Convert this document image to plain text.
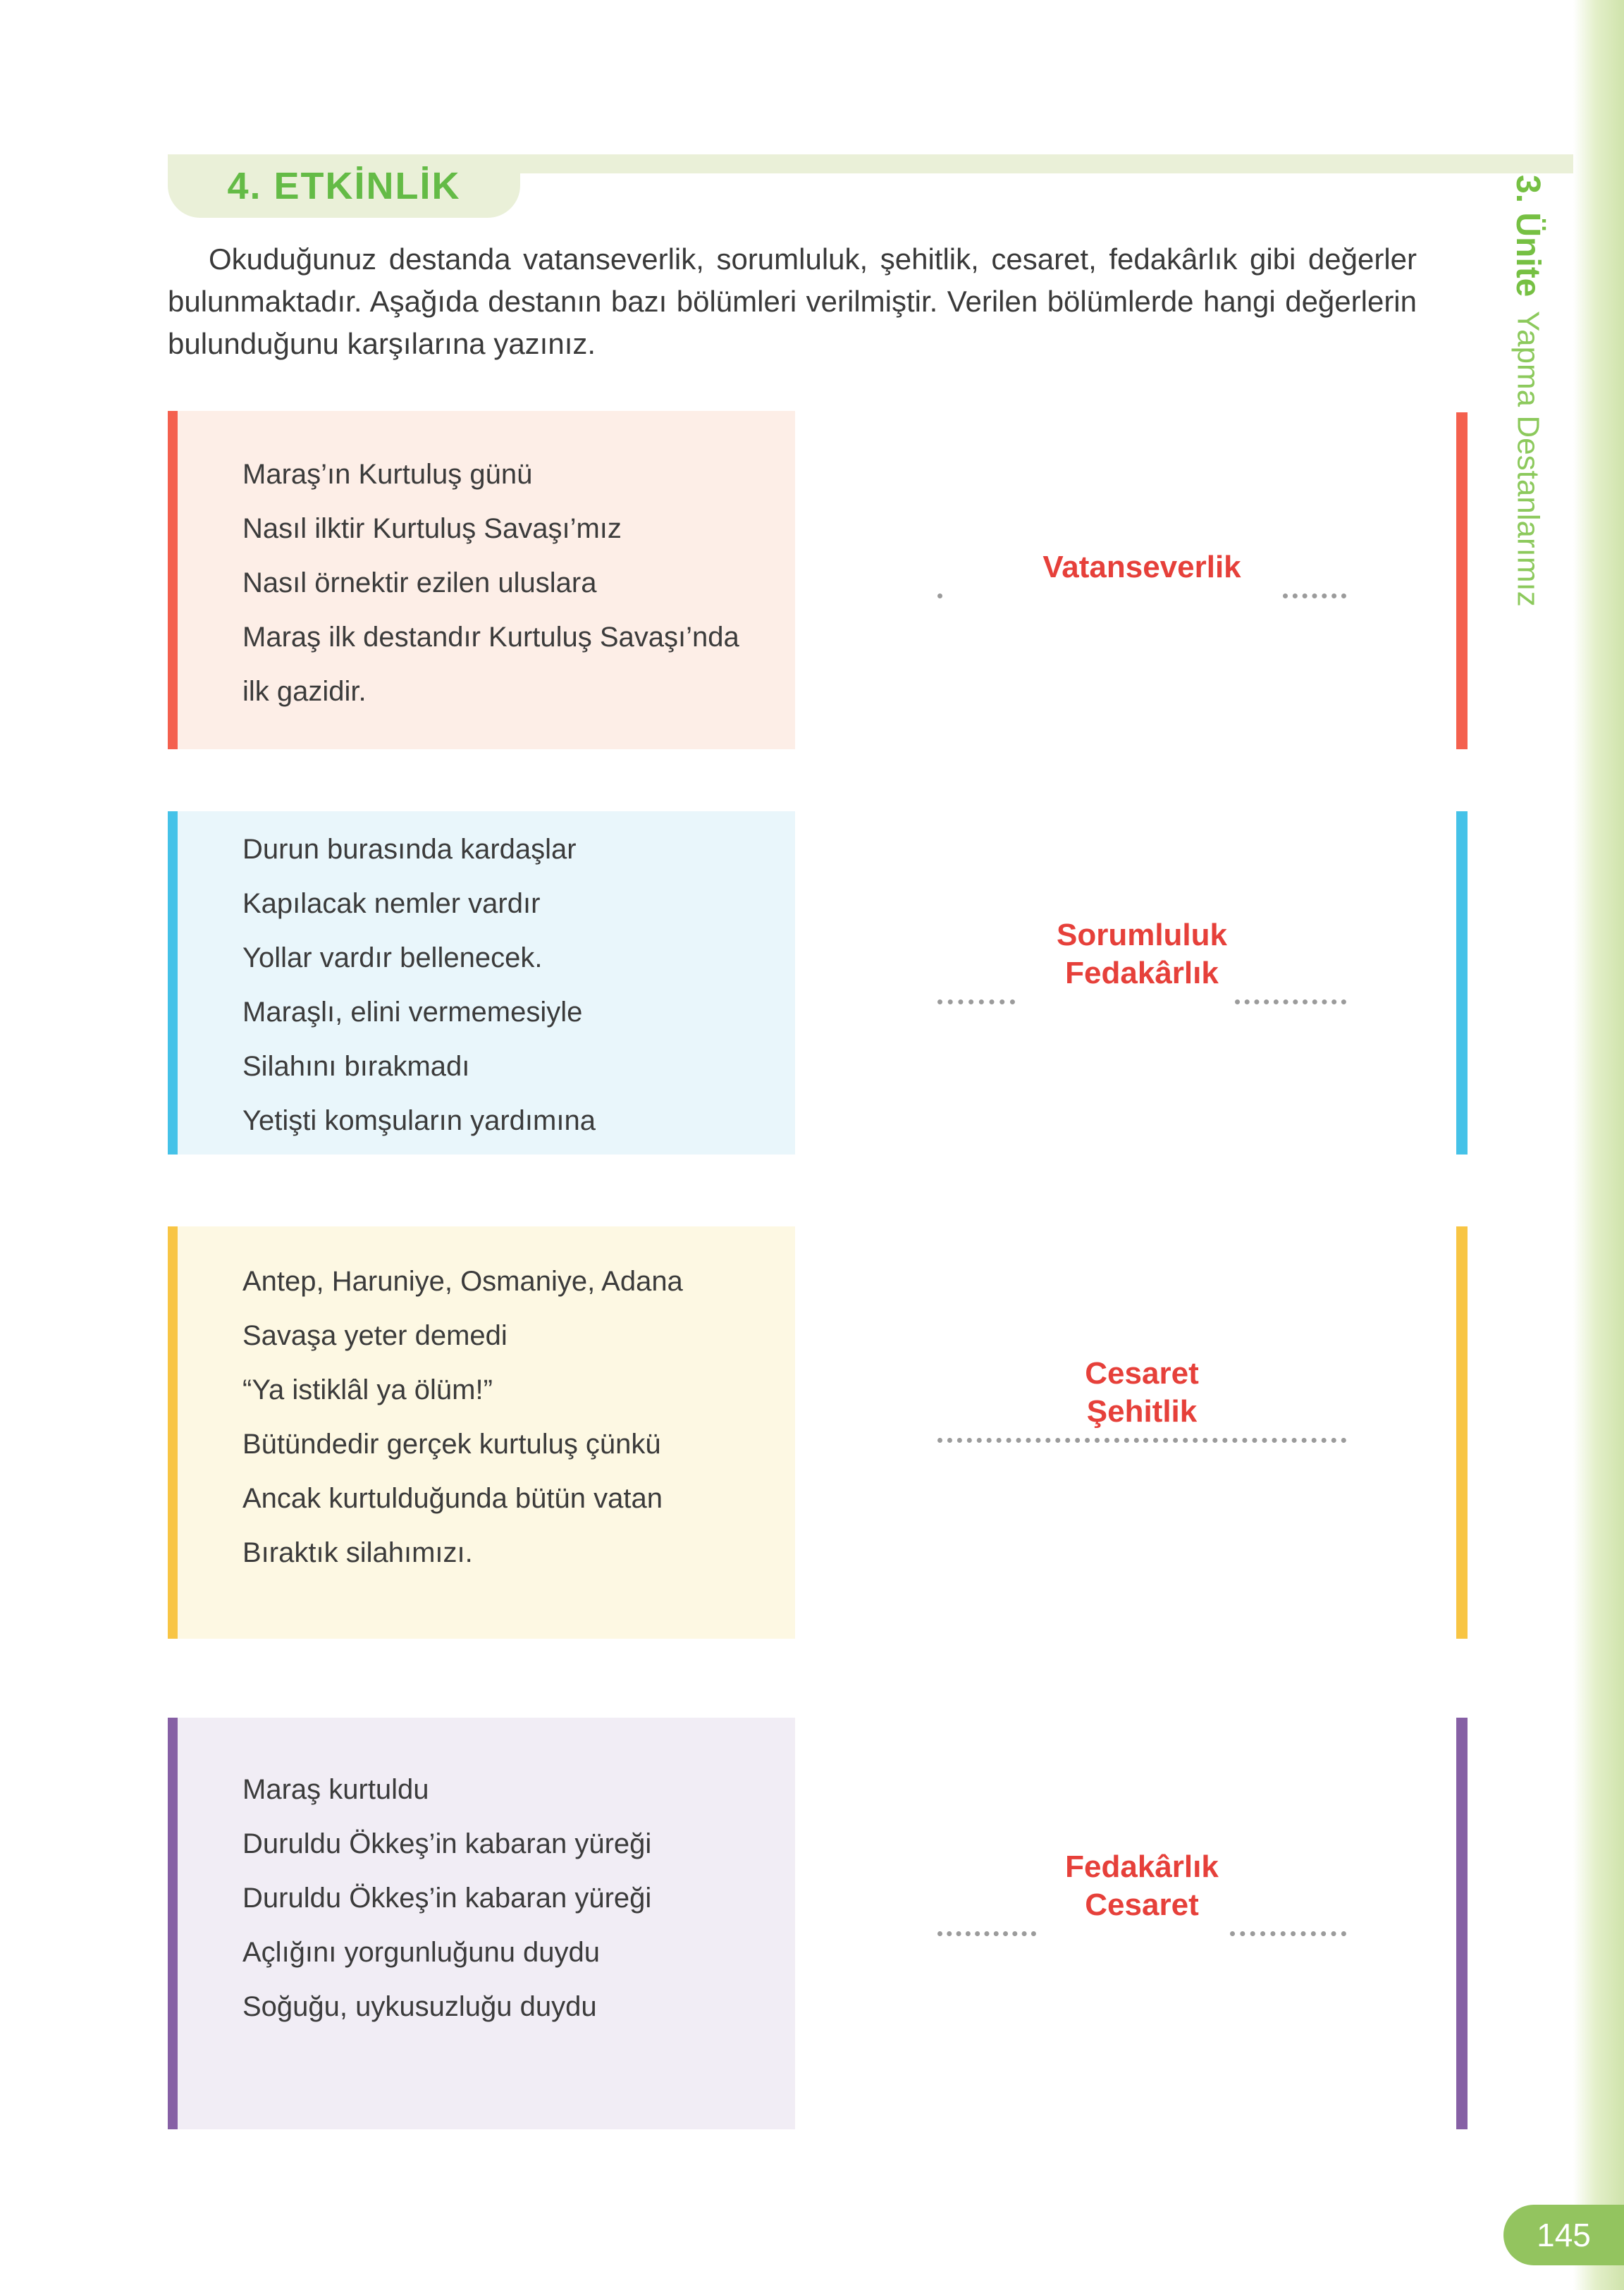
4. ETKİNLİK

Okuduğunuz destanda vatanseverlik, sorumluluk, şehitlik, cesaret, fedakârlık gibi değerler bulunmaktadır. Aşağıda destanın bazı bölümleri verilmiştir. Verilen bölümlerde hangi değerlerin bulunduğunu karşılarına yazınız.

Maraş’ın Kurtuluş günü
Nasıl ilktir Kurtuluş Savaşı’mız
Nasıl örnektir ezilen uluslara
Maraş ilk destandır Kurtuluş Savaşı’nda
ilk gazidir.
Vatanseverlik
Durun burasında kardaşlar
Kapılacak nemler vardır
Yollar vardır bellenecek.
Maraşlı, elini vermemesiyle
Silahını bırakmadı
Yetişti komşuların yardımına
Sorumluluk
Fedakârlık
Antep, Haruniye, Osmaniye, Adana
Savaşa yeter demedi
“Ya istiklâl ya ölüm!”
Bütündedir gerçek kurtuluş çünkü
Ancak kurtulduğunda bütün vatan
Bıraktık silahımızı.
Cesaret
Şehitlik
Maraş kurtuldu
Duruldu Ökkeş’in kabaran yüreği
Duruldu Ökkeş’in kabaran yüreği
Açlığını yorgunluğunu duydu
Soğuğu, uykusuzluğu duydu
Fedakârlık
Cesaret
3. Ünite
Yapma Destanlarımız
145
